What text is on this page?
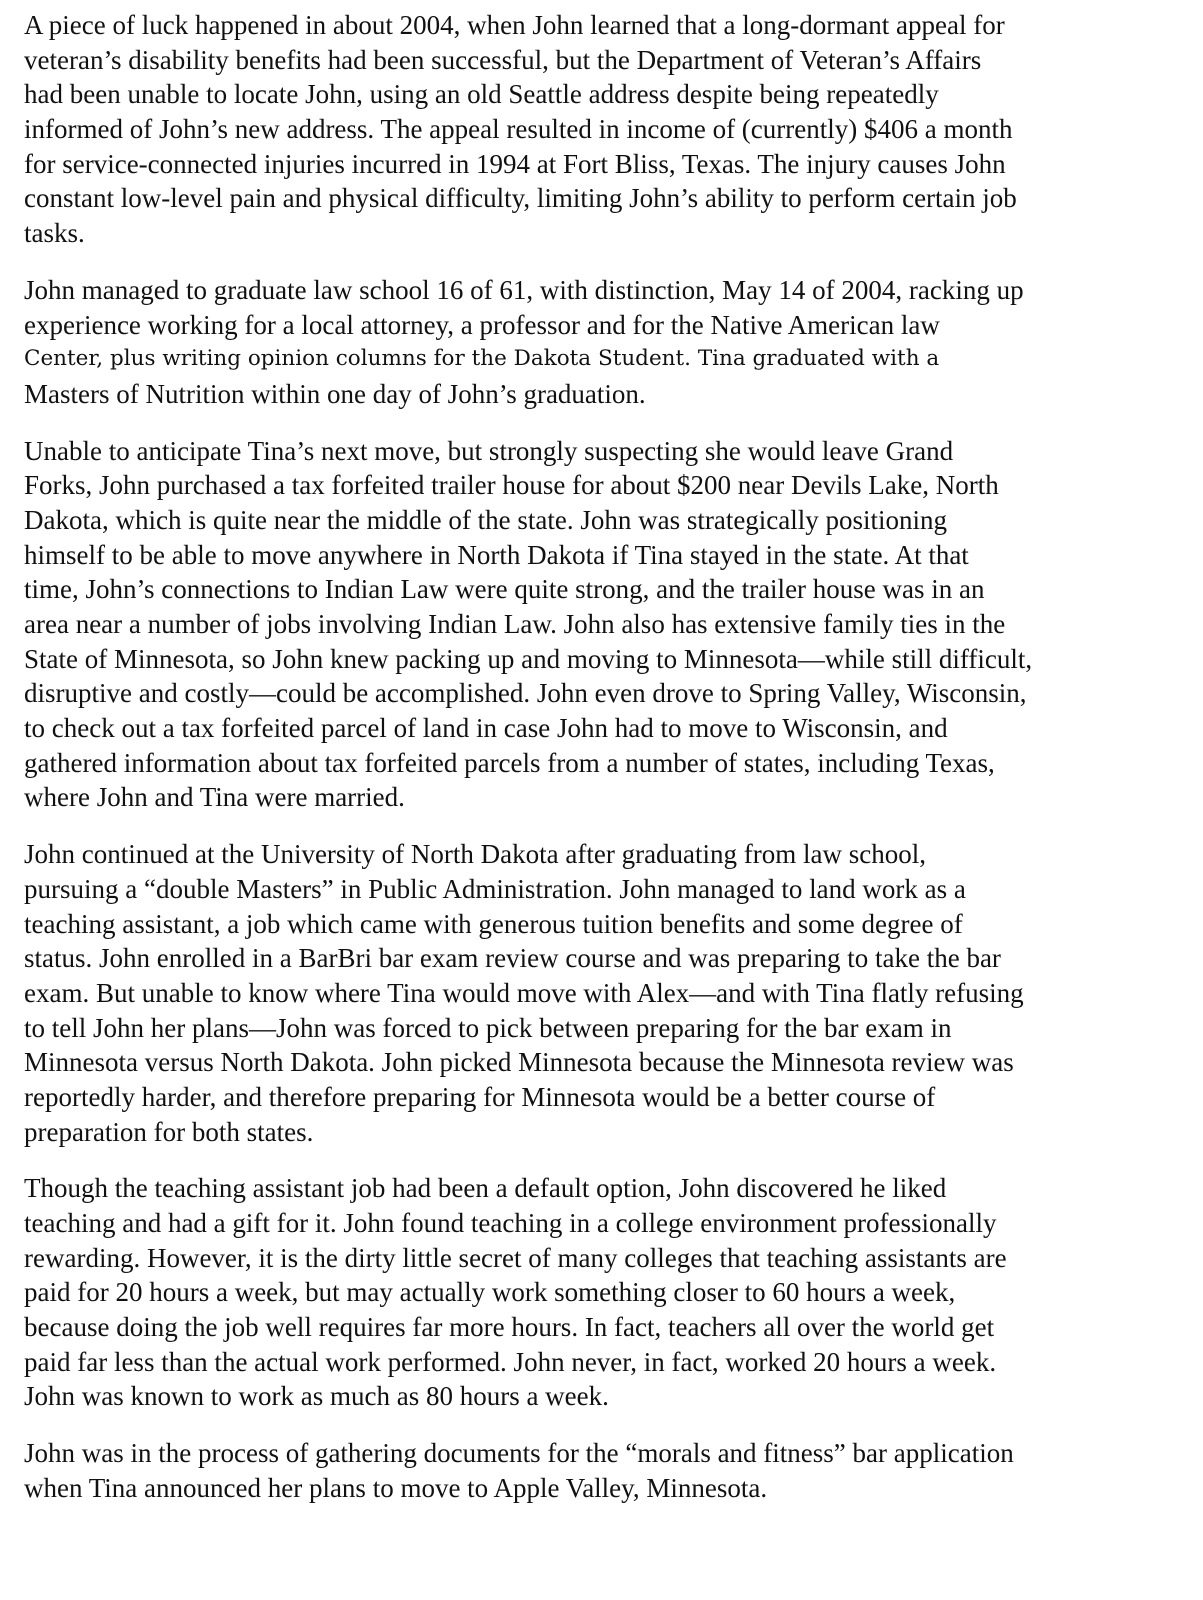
A piece of luck happened in about 2004, when John learned that a long-dormant appeal for
veteran’s disability benefits had been successful, but the Department of Veteran’s Affairs
had been unable to locate John, using an old Seattle address despite being repeatedly
informed of John’s new address. The appeal resulted in income of (currently) $406 a month
for service-connected injuries incurred in 1994 at Fort Bliss, Texas. The injury causes John
constant low-level pain and physical difficulty, limiting John’s ability to perform certain job
tasks.
John managed to graduate law school 16 of 61, with distinction, May 14 of 2004, racking up
experience working for a local attorney, a professor and for the Native American law
Center, plus writing opinion columns for the Dakota Student. Tina graduated with a
Masters of Nutrition within one day of John’s graduation.
Unable to anticipate Tina’s next move, but strongly suspecting she would leave Grand
Forks, John purchased a tax forfeited trailer house for about $200 near Devils Lake, North
Dakota, which is quite near the middle of the state. John was strategically positioning
himself to be able to move anywhere in North Dakota if Tina stayed in the state. At that
time, John’s connections to Indian Law were quite strong, and the trailer house was in an
area near a number of jobs involving Indian Law. John also has extensive family ties in the
State of Minnesota, so John knew packing up and moving to Minnesota—while still difficult,
disruptive and costly—could be accomplished. John even drove to Spring Valley, Wisconsin,
to check out a tax forfeited parcel of land in case John had to move to Wisconsin, and
gathered information about tax forfeited parcels from a number of states, including Texas,
where John and Tina were married.
John continued at the University of North Dakota after graduating from law school,
pursuing a “double Masters” in Public Administration. John managed to land work as a
teaching assistant, a job which came with generous tuition benefits and some degree of
status. John enrolled in a BarBri bar exam review course and was preparing to take the bar
exam. But unable to know where Tina would move with Alex—and with Tina flatly refusing
to tell John her plans—John was forced to pick between preparing for the bar exam in
Minnesota versus North Dakota. John picked Minnesota because the Minnesota review was
reportedly harder, and therefore preparing for Minnesota would be a better course of
preparation for both states.
Though the teaching assistant job had been a default option, John discovered he liked
teaching and had a gift for it. John found teaching in a college environment professionally
rewarding. However, it is the dirty little secret of many colleges that teaching assistants are
paid for 20 hours a week, but may actually work something closer to 60 hours a week,
because doing the job well requires far more hours. In fact, teachers all over the world get
paid far less than the actual work performed. John never, in fact, worked 20 hours a week.
John was known to work as much as 80 hours a week.
John was in the process of gathering documents for the “morals and fitness” bar application
when Tina announced her plans to move to Apple Valley, Minnesota.
